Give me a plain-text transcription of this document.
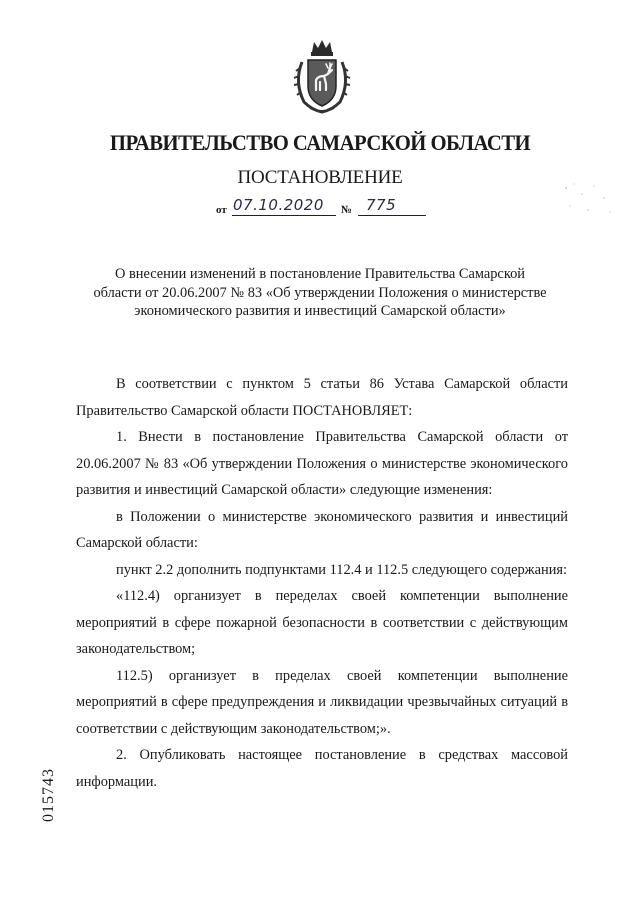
ПРАВИТЕЛЬСТВО САМАРСКОЙ ОБЛАСТИ
ПОСТАНОВЛЕНИЕ
от 07.10.2020 № 775
О внесении изменений в постановление Правительства Самарской
области от 20.06.2007 № 83 «Об утверждении Положения о министерстве
экономического развития и инвестиций Самарской области»

В соответствии с пунктом 5 статьи 86 Устава Самарской области Правительство Самарской области ПОСТАНОВЛЯЕТ:

1. Внести в постановление Правительства Самарской области от 20.06.2007 № 83 «Об утверждении Положения о министерстве экономического развития и инвестиций Самарской области» следующие изменения:

в Положении о министерстве экономического развития и инвестиций Самарской области:

пункт 2.2 дополнить подпунктами 112.4 и 112.5 следующего содержания:

«112.4) организует в переделах своей компетенции выполнение мероприятий в сфере пожарной безопасности в соответствии с действующим законодательством;

112.5) организует в пределах своей компетенции выполнение мероприятий в сфере предупреждения и ликвидации чрезвычайных ситуаций в соответствии с действующим законодательством;».

2. Опубликовать настоящее постановление в средствах массовой информации.

015743
